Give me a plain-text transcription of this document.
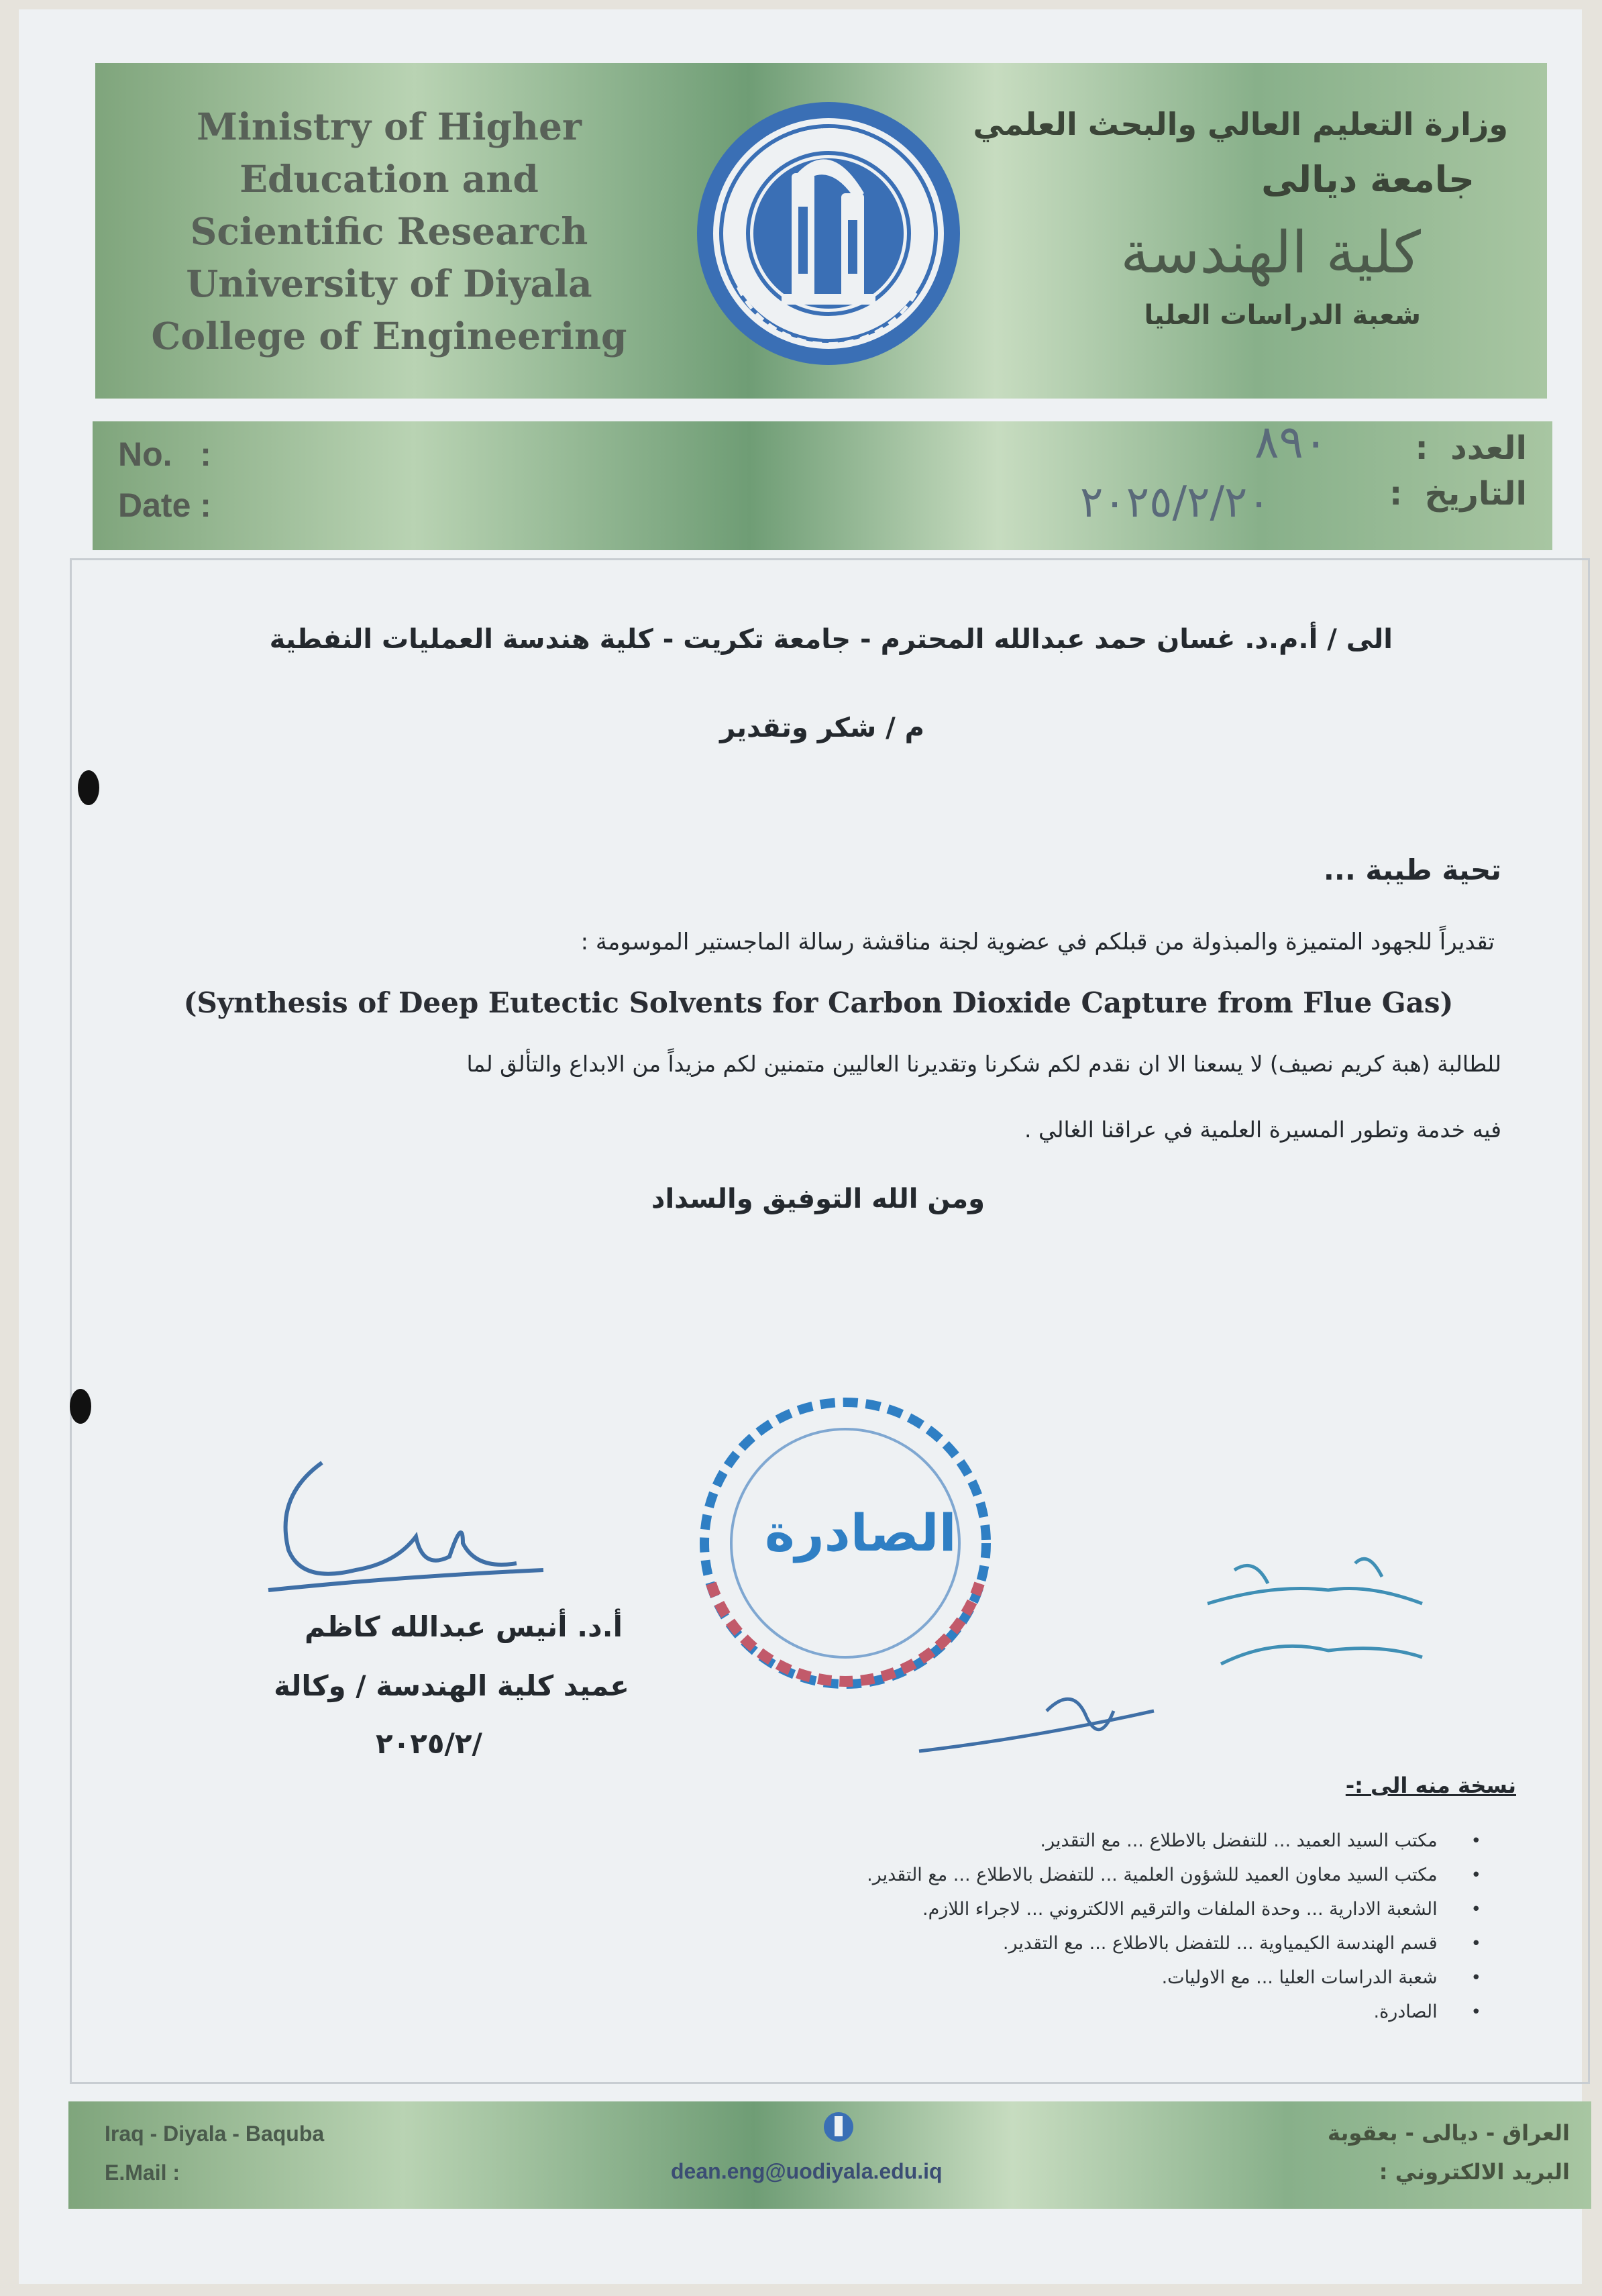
Ministry of Higher
Education and
Scientific Research
University of Diyala
College of Engineering
وزارة التعليم العالي والبحث العلمي
جامعة ديالى
كلية الهندسة
شعبة الدراسات العليا
No.   :
Date :
العدد  :
التاريخ  :
٨٩٠
٢٠٢٥/٢/٢٠
الى / أ.م.د. غسان حمد عبدالله المحترم - جامعة تكريت - كلية هندسة العمليات النفطية
م / شكر وتقدير
تحية طيبة ...
تقديراً للجهود المتميزة والمبذولة من قبلكم في عضوية لجنة مناقشة رسالة الماجستير الموسومة :
(Synthesis of Deep Eutectic Solvents for Carbon Dioxide Capture from Flue Gas)
للطالبة (هبة كريم نصيف) لا يسعنا الا ان نقدم لكم شكرنا وتقديرنا العاليين متمنين لكم مزيداً من الابداع والتألق لما
فيه خدمة وتطور المسيرة العلمية في عراقنا الغالي .
ومن الله التوفيق والسداد
أ.د. أنيس عبدالله كاظم
عميد كلية الهندسة / وكالة
٢٠٢٥/٢/
الصادرة
نسخة منه الى :-
• مكتب السيد العميد ... للتفضل بالاطلاع ... مع التقدير.
• مكتب السيد معاون العميد للشؤون العلمية ... للتفضل بالاطلاع ... مع التقدير.
• الشعبة الادارية ... وحدة الملفات والترقيم الالكتروني ... لاجراء اللازم.
• قسم الهندسة الكيمياوية ... للتفضل بالاطلاع ... مع التقدير.
• شعبة الدراسات العليا ... مع الاوليات.
• الصادرة.
Iraq - Diyala - Baquba
E.Mail :	dean.eng@uodiyala.edu.iq
العراق - ديالى - بعقوبة
البريد الالكتروني :
